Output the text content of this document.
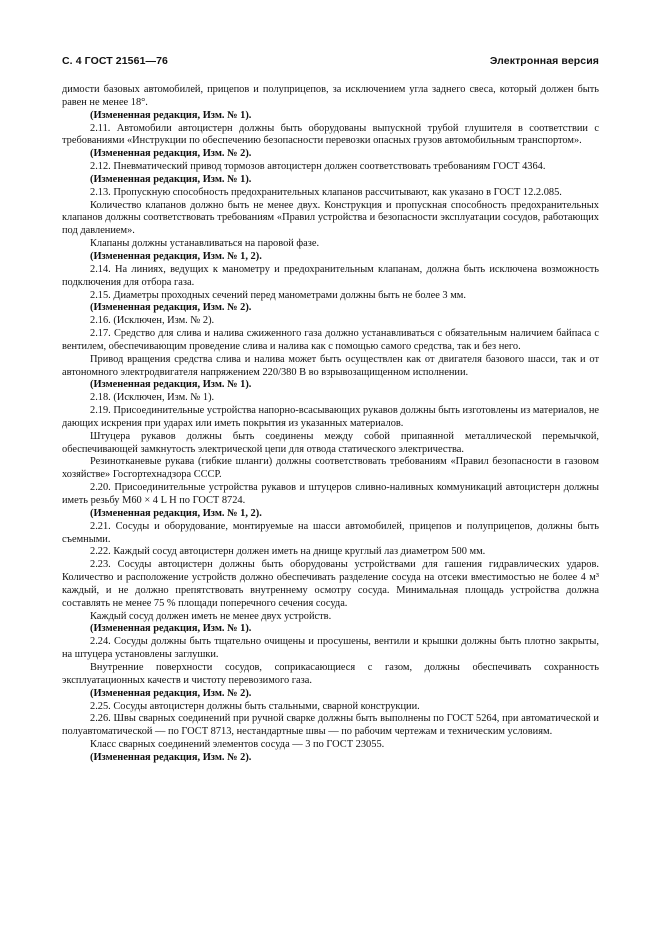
С. 4 ГОСТ 21561—76	Электронная версия

димости базовых автомобилей, прицепов и полуприцепов, за исключением угла заднего свеса, который должен быть равен не менее 18°.

(Измененная редакция, Изм. № 1).

2.11. Автомобили автоцистерн должны быть оборудованы выпускной трубой глушителя в соответствии с требованиями «Инструкции по обеспечению безопасности перевозки опасных грузов автомобильным транспортом».

(Измененная редакция, Изм. № 2).

2.12. Пневматический привод тормозов автоцистерн должен соответствовать требованиям ГОСТ 4364.

(Измененная редакция, Изм. № 1).

2.13. Пропускную способность предохранительных клапанов рассчитывают, как указано в ГОСТ 12.2.085.

Количество клапанов должно быть не менее двух. Конструкция и пропускная способность предохранительных клапанов должны соответствовать требованиям «Правил устройства и безопасности эксплуатации сосудов, работающих под давлением».

Клапаны должны устанавливаться на паровой фазе.

(Измененная редакция, Изм. № 1, 2).

2.14. На линиях, ведущих к манометру и предохранительным клапанам, должна быть исключена возможность подключения для отбора газа.

2.15. Диаметры проходных сечений перед манометрами должны быть не более 3 мм.

(Измененная редакция, Изм. № 2).

2.16. (Исключен, Изм. № 2).

2.17. Средство для слива и налива сжиженного газа должно устанавливаться с обязательным наличием байпаса с вентилем, обеспечивающим проведение слива и налива как с помощью самого средства, так и без него.

Привод вращения средства слива и налива может быть осуществлен как от двигателя базового шасси, так и от автономного электродвигателя напряжением 220/380 В во взрывозащищенном исполнении.

(Измененная редакция, Изм. № 1).

2.18. (Исключен, Изм. № 1).

2.19. Присоединительные устройства напорно-всасывающих рукавов должны быть изготовлены из материалов, не дающих искрения при ударах или иметь покрытия из указанных материалов.

Штуцера рукавов должны быть соединены между собой припаянной металлической перемычкой, обеспечивающей замкнутость электрической цепи для отвода статического электричества.

Резинотканевые рукава (гибкие шланги) должны соответствовать требованиям «Правил безопасности в газовом хозяйстве» Госгортехнадзора СССР.

2.20. Присоединительные устройства рукавов и штуцеров сливно-наливных коммуникаций автоцистерн должны иметь резьбу М60 × 4 L Н по ГОСТ 8724.

(Измененная редакция, Изм. № 1, 2).

2.21. Сосуды и оборудование, монтируемые на шасси автомобилей, прицепов и полуприцепов, должны быть съемными.

2.22. Каждый сосуд автоцистерн должен иметь на днище круглый лаз диаметром 500 мм.

2.23. Сосуды автоцистерн должны быть оборудованы устройствами для гашения гидравлических ударов. Количество и расположение устройств должно обеспечивать разделение сосуда на отсеки вместимостью не более 4 м³ каждый, и не должно препятствовать внутреннему осмотру сосуда. Минимальная площадь устройства должна составлять не менее 75 % площади поперечного сечения сосуда.

Каждый сосуд должен иметь не менее двух устройств.

(Измененная редакция, Изм. № 1).

2.24. Сосуды должны быть тщательно очищены и просушены, вентили и крышки должны быть плотно закрыты, на штуцера установлены заглушки.

Внутренние поверхности сосудов, соприкасающиеся с газом, должны обеспечивать сохранность эксплуатационных качеств и чистоту перевозимого газа.

(Измененная редакция, Изм. № 2).

2.25. Сосуды автоцистерн должны быть стальными, сварной конструкции.

2.26. Швы сварных соединений при ручной сварке должны быть выполнены по ГОСТ 5264, при автоматической и полуавтоматической — по ГОСТ 8713, нестандартные швы — по рабочим чертежам и техническим условиям.

Класс сварных соединений элементов сосуда — 3 по ГОСТ 23055.

(Измененная редакция, Изм. № 2).
